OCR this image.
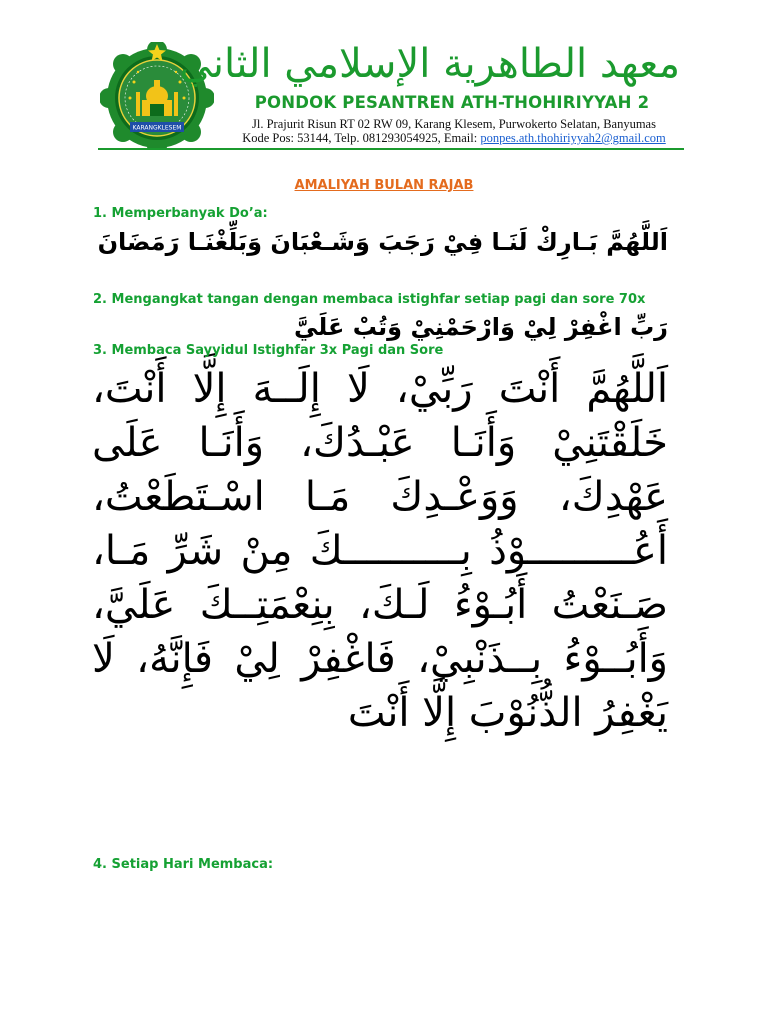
KARANGKLESEM
معهد الطاهرية الإسلامي الثاني
PONDOK PESANTREN ATH-THOHIRIYYAH 2
Jl. Prajurit Risun RT 02 RW 09, Karang Klesem, Purwokerto Selatan, Banyumas
Kode Pos: 53144, Telp. 081293054925, Email: ponpes.ath.thohiriyyah2@gmail.com
AMALIYAH BULAN RAJAB
1. Memperbanyak Do’a:
اَللَّهُمَّ بَـارِكْ لَنَـا فِيْ رَجَبَ وَشَـعْبَانَ وَبَلِّغْنَـا رَمَضَانَ
2. Mengangkat tangan dengan membaca istighfar setiap pagi dan sore 70x
رَبِّ اغْفِرْ لِيْ وَارْحَمْنِيْ وَتُبْ عَلَيَّ
اَللَّهُمَّ أَنْتَ رَبِّيْ، لَا إِلَــهَ إِلَّا أَنْتَ، خَلَقْتَنِيْ وَأَنَـا عَبْـدُكَ، وَأَنَـا عَلَى عَهْدِكَ، وَوَعْـدِكَ مَـا اسْـتَطَعْتُ، أَعُـــــــــوْذُ بِــــــــــكَ مِنْ شَرِّ مَـا، صَـنَعْتُ أَبُـوْءُ لَـكَ، بِنِعْمَتِــكَ عَلَيَّ، وَأَبُــوْءُ بِــذَنْبِيْ، فَاغْفِرْ لِيْ فَإِنَّهُ، لَا يَغْفِرُ الذُّنُوْبَ إِلَّا أَنْتَ
3. Membaca Sayyidul Istighfar 3x Pagi dan Sore
4. Setiap Hari Membaca:
